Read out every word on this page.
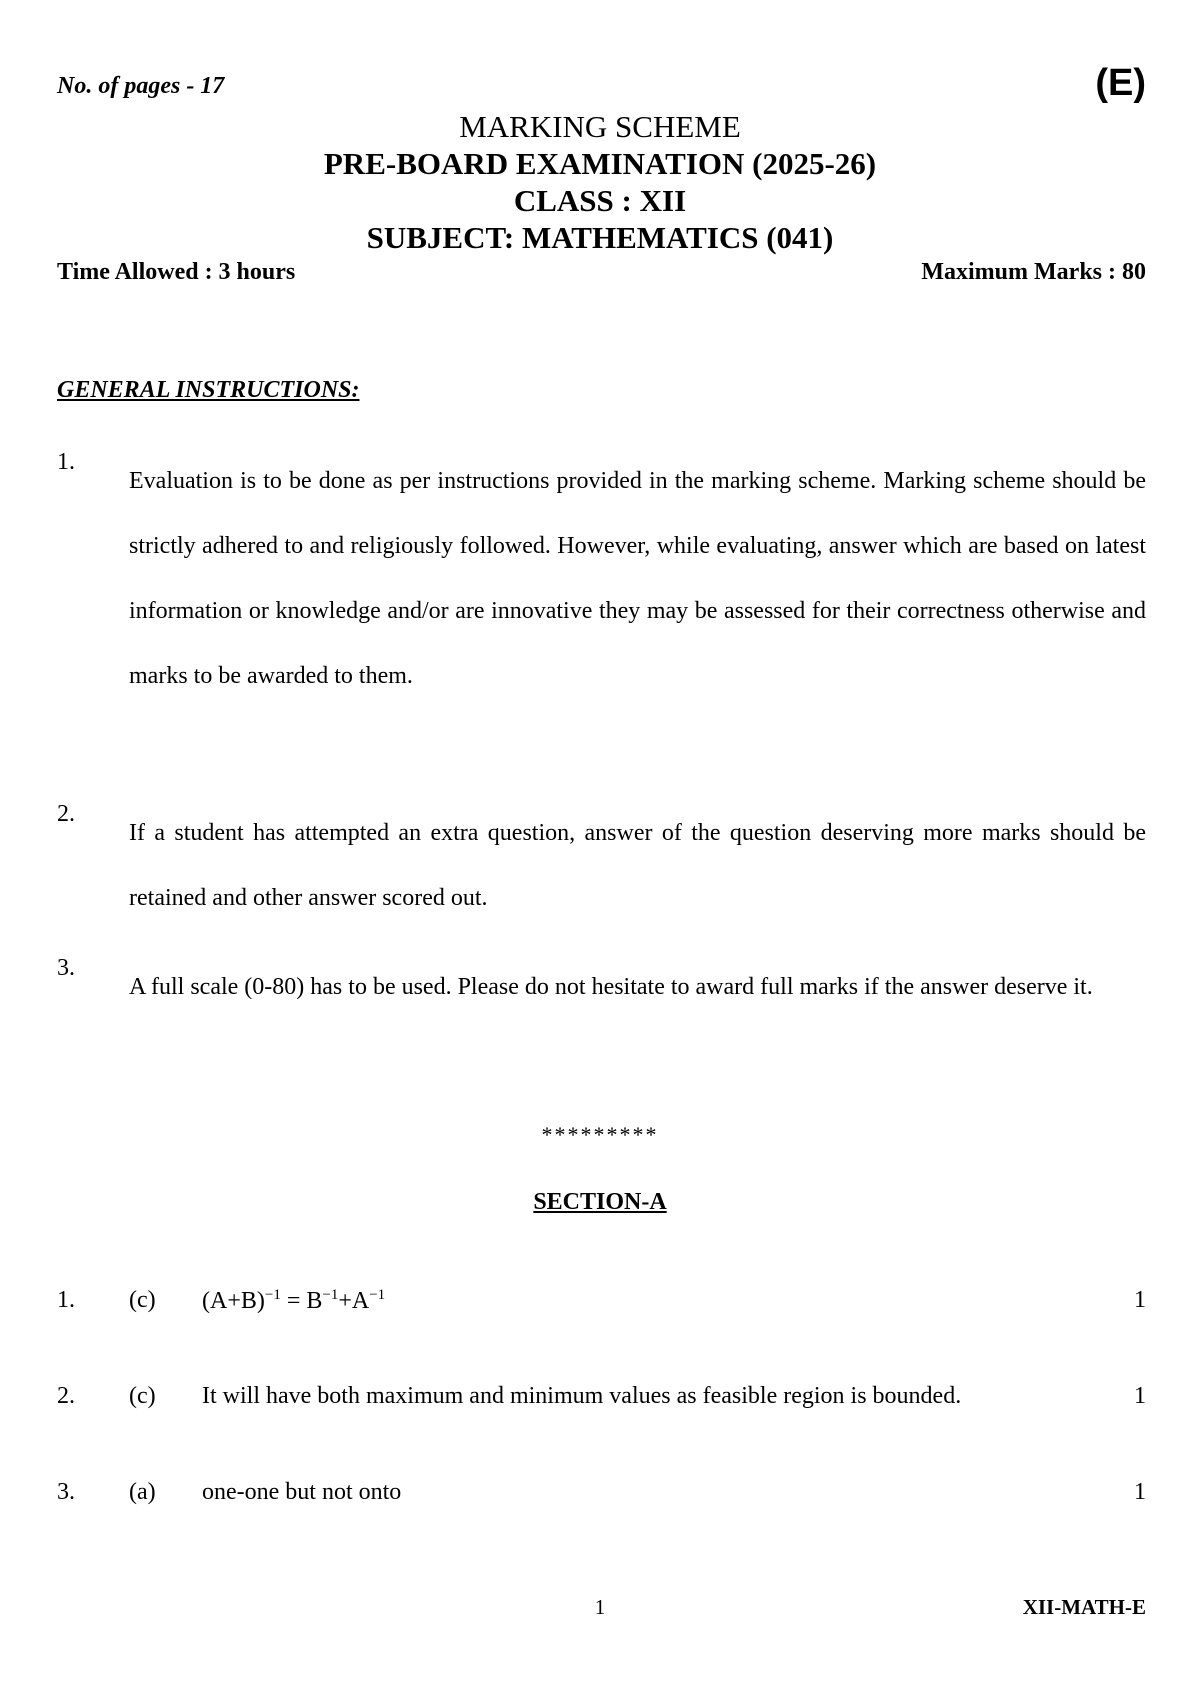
No. of pages - 17	(E)
MARKING SCHEME
PRE-BOARD EXAMINATION (2025-26)
CLASS : XII
SUBJECT: MATHEMATICS (041)
Time Allowed : 3 hours	Maximum Marks : 80
GENERAL INSTRUCTIONS:
1.
Evaluation is to be done as per instructions provided in the marking scheme. Marking scheme should be strictly adhered to and religiously followed. However, while evaluating, answer which are based on latest information or knowledge and/or are innovative they may be assessed for their correctness otherwise and marks to be awarded to them.
2.
If a student has attempted an extra question, answer of the question deserving more marks should be retained and other answer scored out.
3.
A full scale (0-80) has to be used. Please do not hesitate to award full marks if the answer deserve it.
*********
SECTION-A
1. (c) $(A+B)^{-1} = B^{-1}+A^{-1}$	1
2. (c) It will have both maximum and minimum values as feasible region is bounded.	1
3. (a) one-one but not onto	1
1	XII-MATH-E
